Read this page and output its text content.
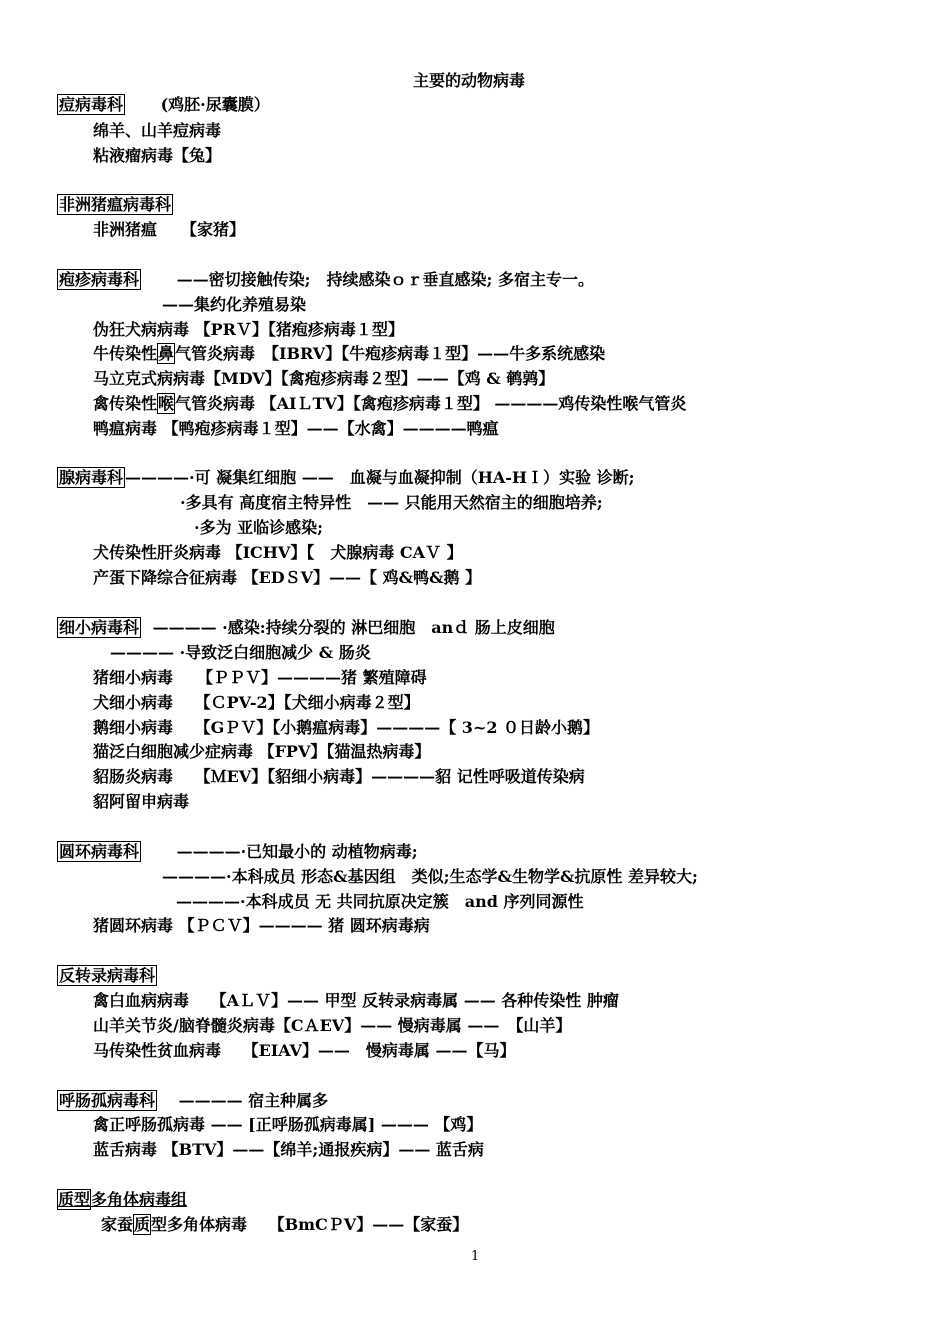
主要的动物病毒
痘病毒科 (鸡胚·尿囊膜）
绵羊、山羊痘病毒
粘液瘤病毒【兔】
非洲猪瘟病毒科
非洲猪瘟　　【家猪】
疱疹病毒科 ——密切接触传染;　持续感染ｏｒ垂直感染; 多宿主专一。
——集约化养殖易染
伪狂犬病病毒 【PRＶ】【猪疱疹病毒１型】
牛传染性鼻气管炎病毒　【IBRV】【牛疱疹病毒１型】——牛多系统感染
马立克式病病毒【MDV】【禽疱疹病毒２型】——【鸡 & 鹌鹑】
禽传染性喉气管炎病毒 【AIＬTV】【禽疱疹病毒１型】 ————鸡传染性喉气管炎
鸭瘟病毒 【鸭疱疹病毒１型】——【水禽】————鸭瘟
腺病毒科 ————·可 凝集红细胞 ——　血凝与血凝抑制（HA-HＩ）实验 诊断;
·多具有 高度宿主特异性　—— 只能用天然宿主的细胞培养;
·多为 亚临诊感染;
犬传染性肝炎病毒 【ICHV】【　犬腺病毒 CAＶ 】
产蛋下降综合征病毒 【EDＳV】——【 鸡&鸭&鹅 】
细小病毒科 ———— ·感染:持续分裂的 淋巴细胞　anｄ 肠上皮细胞
———— ·导致泛白细胞减少 & 肠炎
猪细小病毒　　【ＰＰＶ】————猪 繁殖障碍
犬细小病毒　 【ＣPV-2】【犬细小病毒２型】
鹅细小病毒　 【GＰＶ】【小鹅瘟病毒】————【 3~2 ０日龄小鹅】
猫泛白细胞减少症病毒 【FPV】【猫温热病毒】
貂肠炎病毒　 【ＭEV】【貂细小病毒】————貂 记性呼吸道传染病
貂阿留申病毒
圆环病毒科 ————·已知最小的 动植物病毒;
————·本科成员 形态&基因组　类似;生态学&生物学&抗原性 差异较大;
————·本科成员 无 共同抗原决定簇　and 序列同源性
猪圆环病毒 【ＰＣＶ】———— 猪 圆环病毒病
反转录病毒科
禽白血病病毒　 【AＬＶ】—— 甲型 反转录病毒属 —— 各种传染性 肿瘤
山羊关节炎/脑脊髓炎病毒【CＡEV】—— 慢病毒属 ——　【山羊】
马传染性贫血病毒　 【EIAV】——　慢病毒属 ——【马】
呼肠孤病毒科 ———— 宿主种属多
禽正呼肠孤病毒 —— [正呼肠孤病毒属] ——— 【鸡】
蓝舌病毒 【BTV】——【绵羊;通报疾病】—— 蓝舌病
质型多角体病毒组
家蚕质型多角体病毒　 【BmCＰV】——【家蚕】
1
